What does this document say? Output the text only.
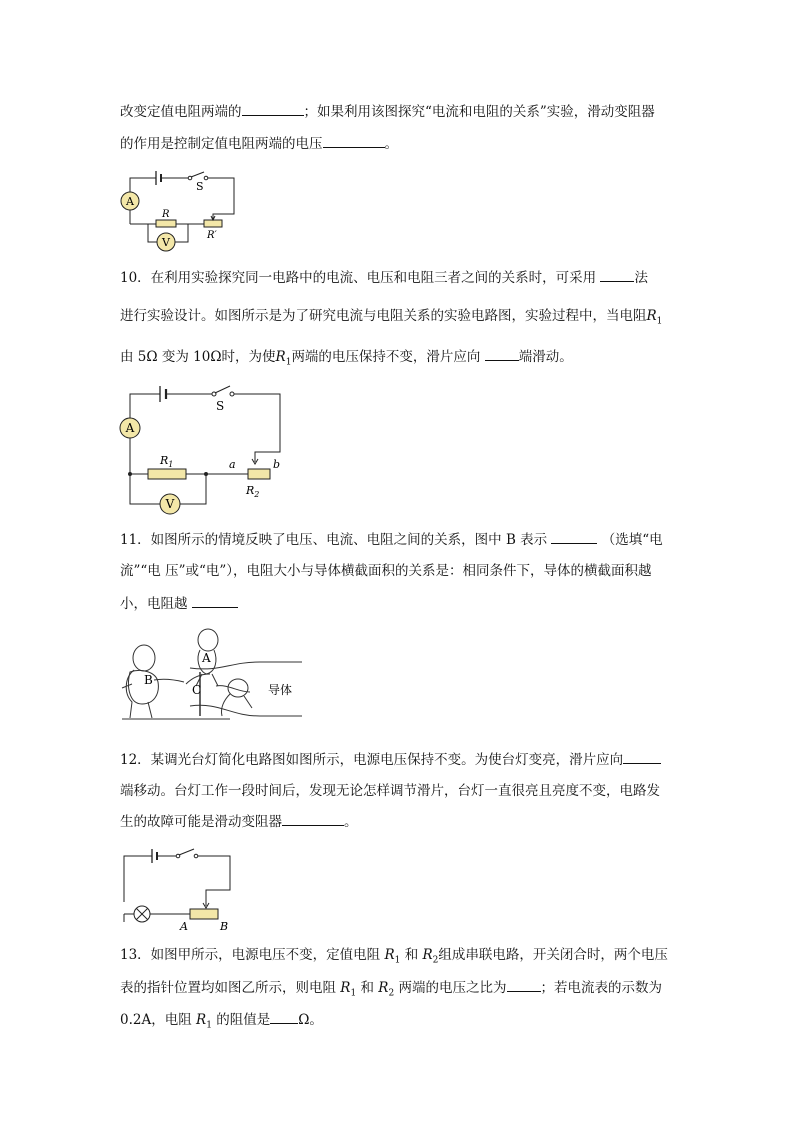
改变定值电阻两端的	；如果利用该图探究“电流和电阻的关系”实验，滑动变阻器
的作用是控制定值电阻两端的电压	。
A
V
S
R
R′
10．在利用实验探究同一电路中的电流、电压和电阻三者之间的关系时，可采用	法
进行实验设计。如图所示是为了研究电流与电阻关系的实验电路图，实验过程中，当电阻$R_1$
由 5Ω 变为 10Ω时，为使$R_1$两端的电压保持不变，滑片应向	端滑动。
A
V
S
$R_1$
$R_2$
a	b
11．如图所示的情境反映了电压、电流、电阻之间的关系，图中 B 表示	（选填“电
流”“电 压”或“电”），电阻大小与导体横截面积的关系是：相同条件下，导体的横截面积越
小，电阻越
B
A
C	导体
12．某调光台灯简化电路图如图所示，电源电压保持不变。为使台灯变亮，滑片应向
端移动。台灯工作一段时间后，发现无论怎样调节滑片，台灯一直很亮且亮度不变，电路发
生的故障可能是滑动变阻器	。
A	B
13．如图甲所示，电源电压不变，定值电阻 $R_1$ 和 $R_2$组成串联电路，开关闭合时，两个电压
表的指针位置均如图乙所示，则电阻 $R_1$ 和 $R_2$ 两端的电压之比为	；若电流表的示数为
0.2A，电阻 $R_1$ 的阻值是 Ω。
